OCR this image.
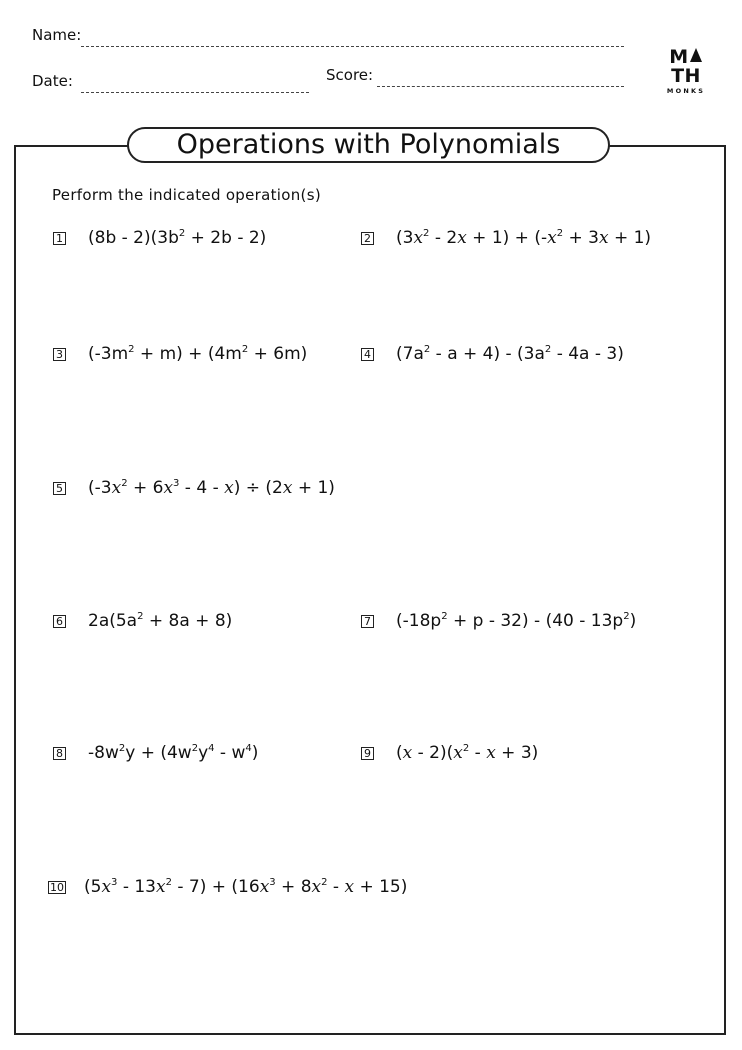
Name:
Date:	Score:
MTH
MONKS
Operations with Polynomials
Perform the indicated operation(s)
1 $(8b - 2)(3b^2 + 2b - 2)$	2 $(3x^2 - 2x + 1) + (-x^2 + 3x + 1)$
3 $(-3m^2 + m) + (4m^2 + 6m)$	4 $(7a^2 - a + 4) - (3a^2 - 4a - 3)$
5 $(-3x^2 + 6x^3 - 4 - x) \div (2x + 1)$
6 $2a(5a^2 + 8a + 8)$	7 $(-18p^2 + p - 32) - (40 - 13p^2)$
8 $-8w^2y + (4w^2y^4 - w^4)$	9 $(x - 2)(x^2 - x + 3)$
10 $(5x^3 - 13x^2 - 7) + (16x^3 + 8x^2 - x + 15)$
